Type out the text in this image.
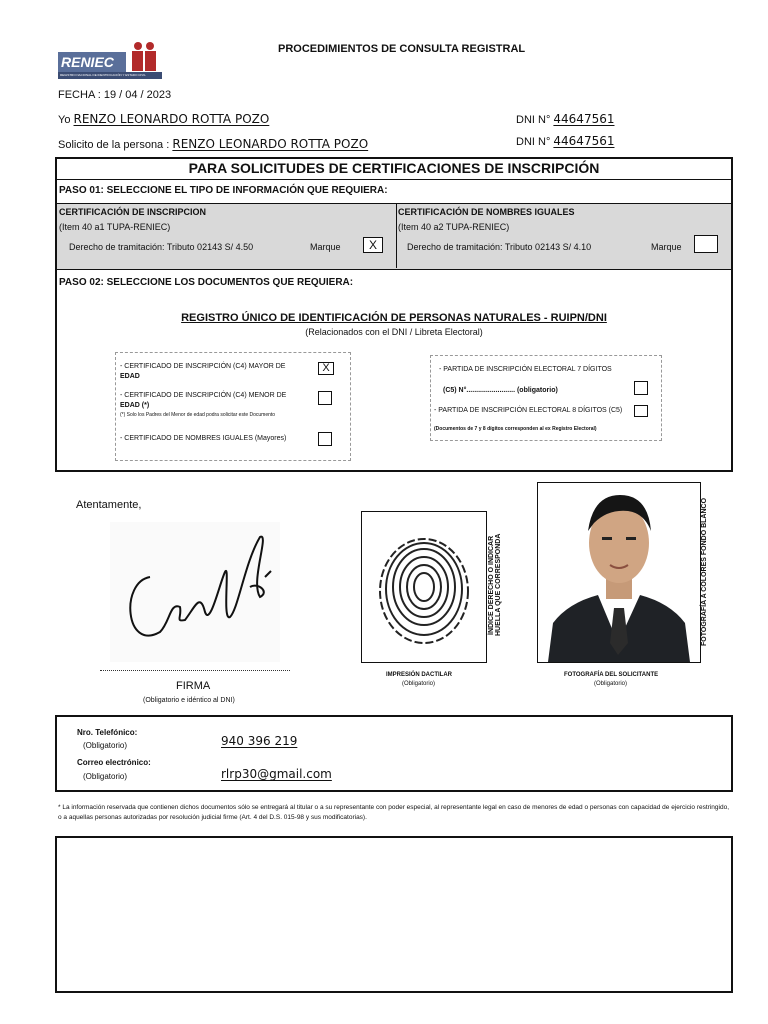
RENIEC
REGISTRO NACIONAL DE IDENTIFICACIÓN Y ESTADO CIVIL
PROCEDIMIENTOS DE CONSULTA REGISTRAL
FECHA : 19 / 04 / 2023
Yo RENZO LEONARDO ROTTA POZO	DNI N° 44647561
Solicito de la persona : RENZO LEONARDO ROTTA POZO	DNI N° 44647561
PARA SOLICITUDES DE CERTIFICACIONES DE INSCRIPCIÓN
PASO 01: SELECCIONE EL TIPO DE INFORMACIÓN QUE REQUIERA:
CERTIFICACIÓN DE INSCRIPCION
(Item 40 a1 TUPA-RENIEC)
Derecho de tramitación: Tributo 02143 S/ 4.50	Marque	X
CERTIFICACIÓN DE NOMBRES IGUALES
(Item 40 a2 TUPA-RENIEC)
Derecho de tramitación: Tributo 02143 S/ 4.10	Marque
PASO 02: SELECCIONE LOS DOCUMENTOS QUE REQUIERA:
REGISTRO ÚNICO DE IDENTIFICACIÓN DE PERSONAS NATURALES - RUIPN/DNI
(Relacionados con el DNI / Libreta Electoral)
- CERTIFICADO DE INSCRIPCIÓN (C4) MAYOR DE
EDAD
X
- CERTIFICADO DE INSCRIPCIÓN (C4) MENOR DE
EDAD (*)
(*) Solo los Padres del Menor de edad podra solicitar este Documento
- CERTIFICADO DE NOMBRES IGUALES (Mayores)
- PARTIDA DE INSCRIPCIÓN ELECTORAL 7 DÍGITOS
(C5) N°......................... (obligatorio)
- PARTIDA DE INSCRIPCIÓN ELECTORAL 8 DÍGITOS (C5)
(Documentos de 7 y 8 dígitos corresponden al ex Registro Electoral)
Atentamente,
FIRMA
(Obligatorio e idéntico al DNI)
ÍNDICE DERECHO O INDICAR HUELLA QUE CORRESPONDA
IMPRESIÓN DACTILAR
(Obligatorio)
FOTOGRAFÍA A COLORES FONDO BLANCO
FOTOGRAFÍA DEL SOLICITANTE
(Obligatorio)
Nro. Telefónico:
(Obligatorio)	940 396 219
Correo electrónico:
(Obligatorio)	rlrp30@gmail.com
* La información reservada que contienen dichos documentos sólo se entregará al titular o a su representante con poder especial, al representante legal en caso de menores de edad o personas con capacidad de ejercicio restringido, o a aquellas personas autorizadas por resolución judicial firme (Art. 4 del D.S. 015-98 y sus modificatorias).
